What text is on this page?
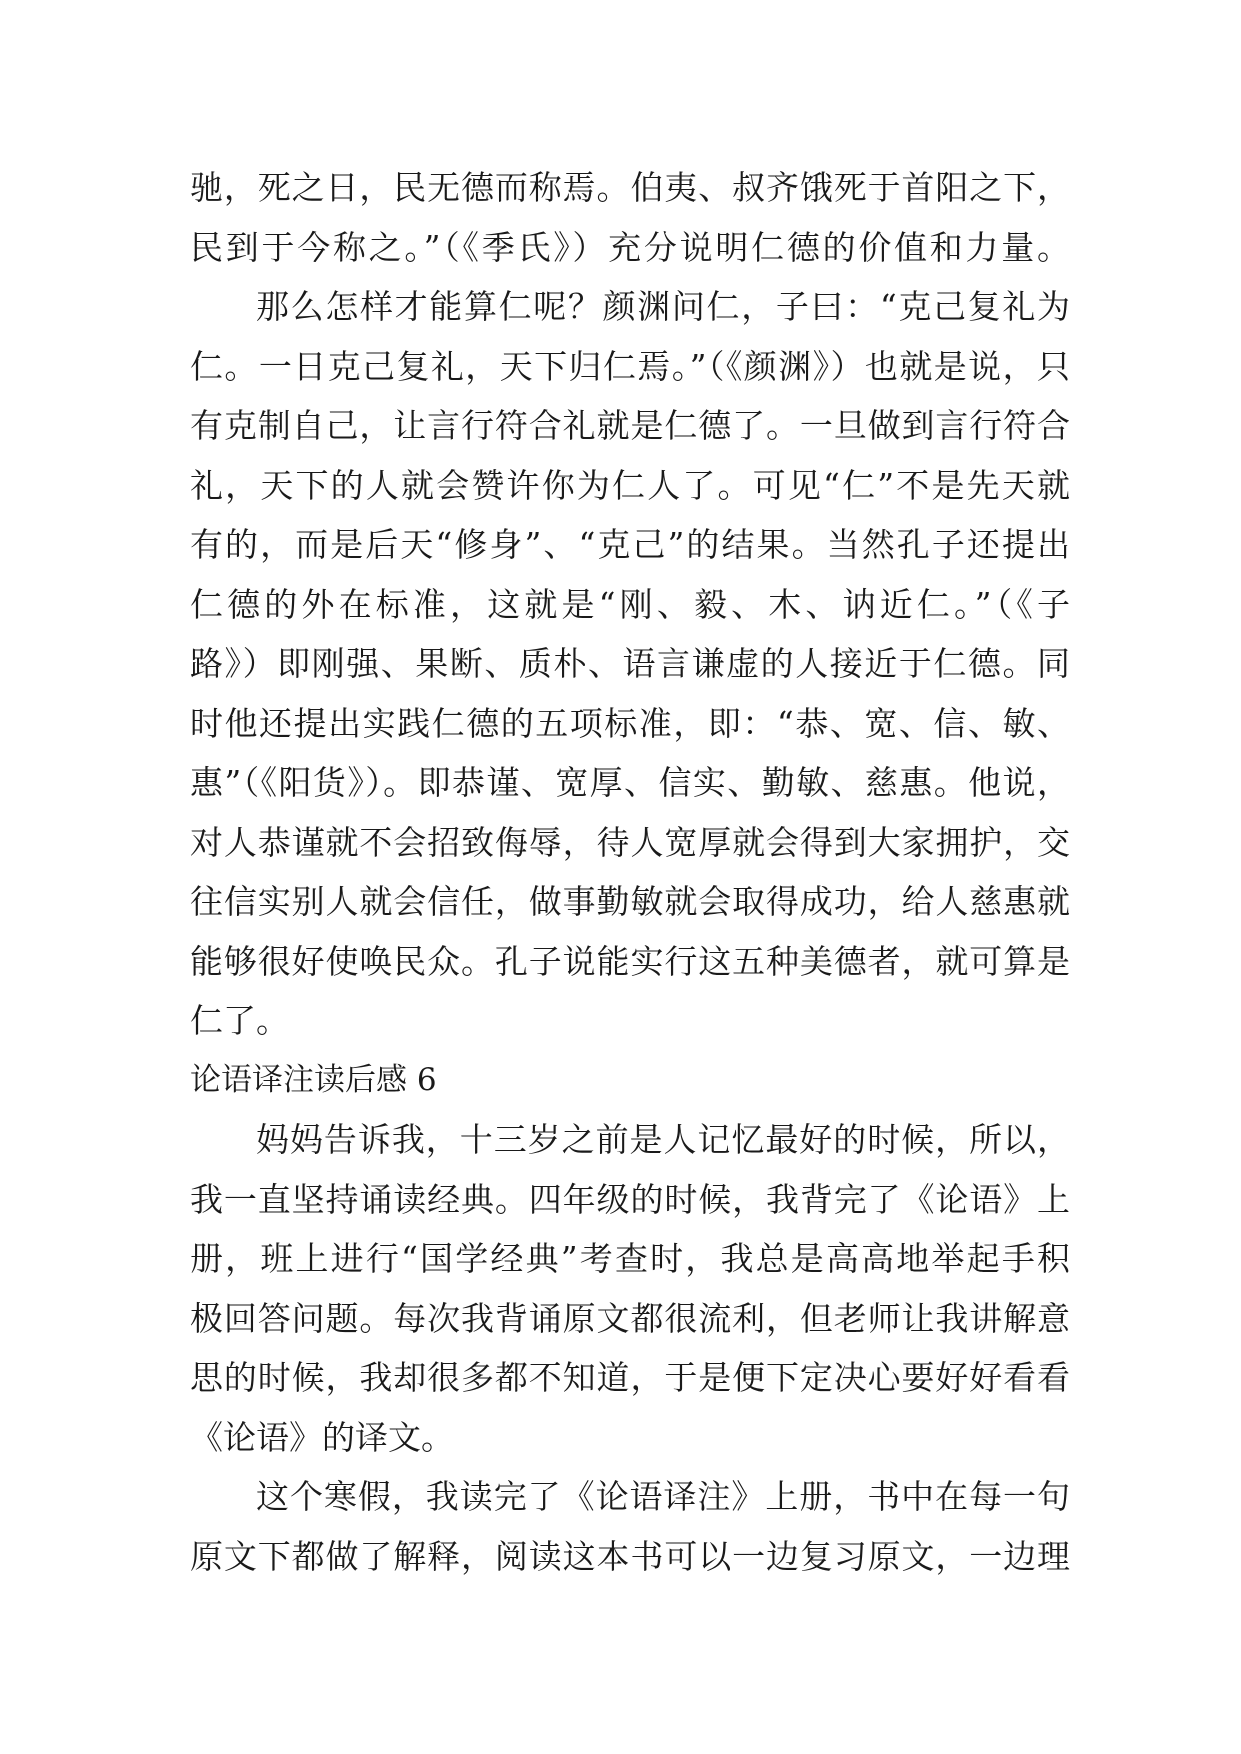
驰，死之日，民无德而称焉。伯夷、叔齐饿死于首阳之下，
民到于今称之。”（《季氏》）充分说明仁德的价值和力量。
那么怎样才能算仁呢？颜渊问仁，子曰：“克己复礼为
仁。一日克己复礼，天下归仁焉。”（《颜渊》）也就是说，只
有克制自己，让言行符合礼就是仁德了。一旦做到言行符合
礼，天下的人就会赞许你为仁人了。可见“仁”不是先天就
有的，而是后天“修身”、“克己”的结果。当然孔子还提出
仁德的外在标准，这就是“刚、毅、木、讷近仁。”（《子
路》）即刚强、果断、质朴、语言谦虚的人接近于仁德。同
时他还提出实践仁德的五项标准，即：“恭、宽、信、敏、
惠”（《阳货》）。即恭谨、宽厚、信实、勤敏、慈惠。他说，
对人恭谨就不会招致侮辱，待人宽厚就会得到大家拥护，交
往信实别人就会信任，做事勤敏就会取得成功，给人慈惠就
能够很好使唤民众。孔子说能实行这五种美德者，就可算是
仁了。
论语译注读后感 6
妈妈告诉我，十三岁之前是人记忆最好的时候，所以，
我一直坚持诵读经典。四年级的时候，我背完了《论语》上
册，班上进行“国学经典”考查时，我总是高高地举起手积
极回答问题。每次我背诵原文都很流利，但老师让我讲解意
思的时候，我却很多都不知道，于是便下定决心要好好看看
《论语》的译文。
这个寒假，我读完了《论语译注》上册，书中在每一句
原文下都做了解释，阅读这本书可以一边复习原文，一边理
